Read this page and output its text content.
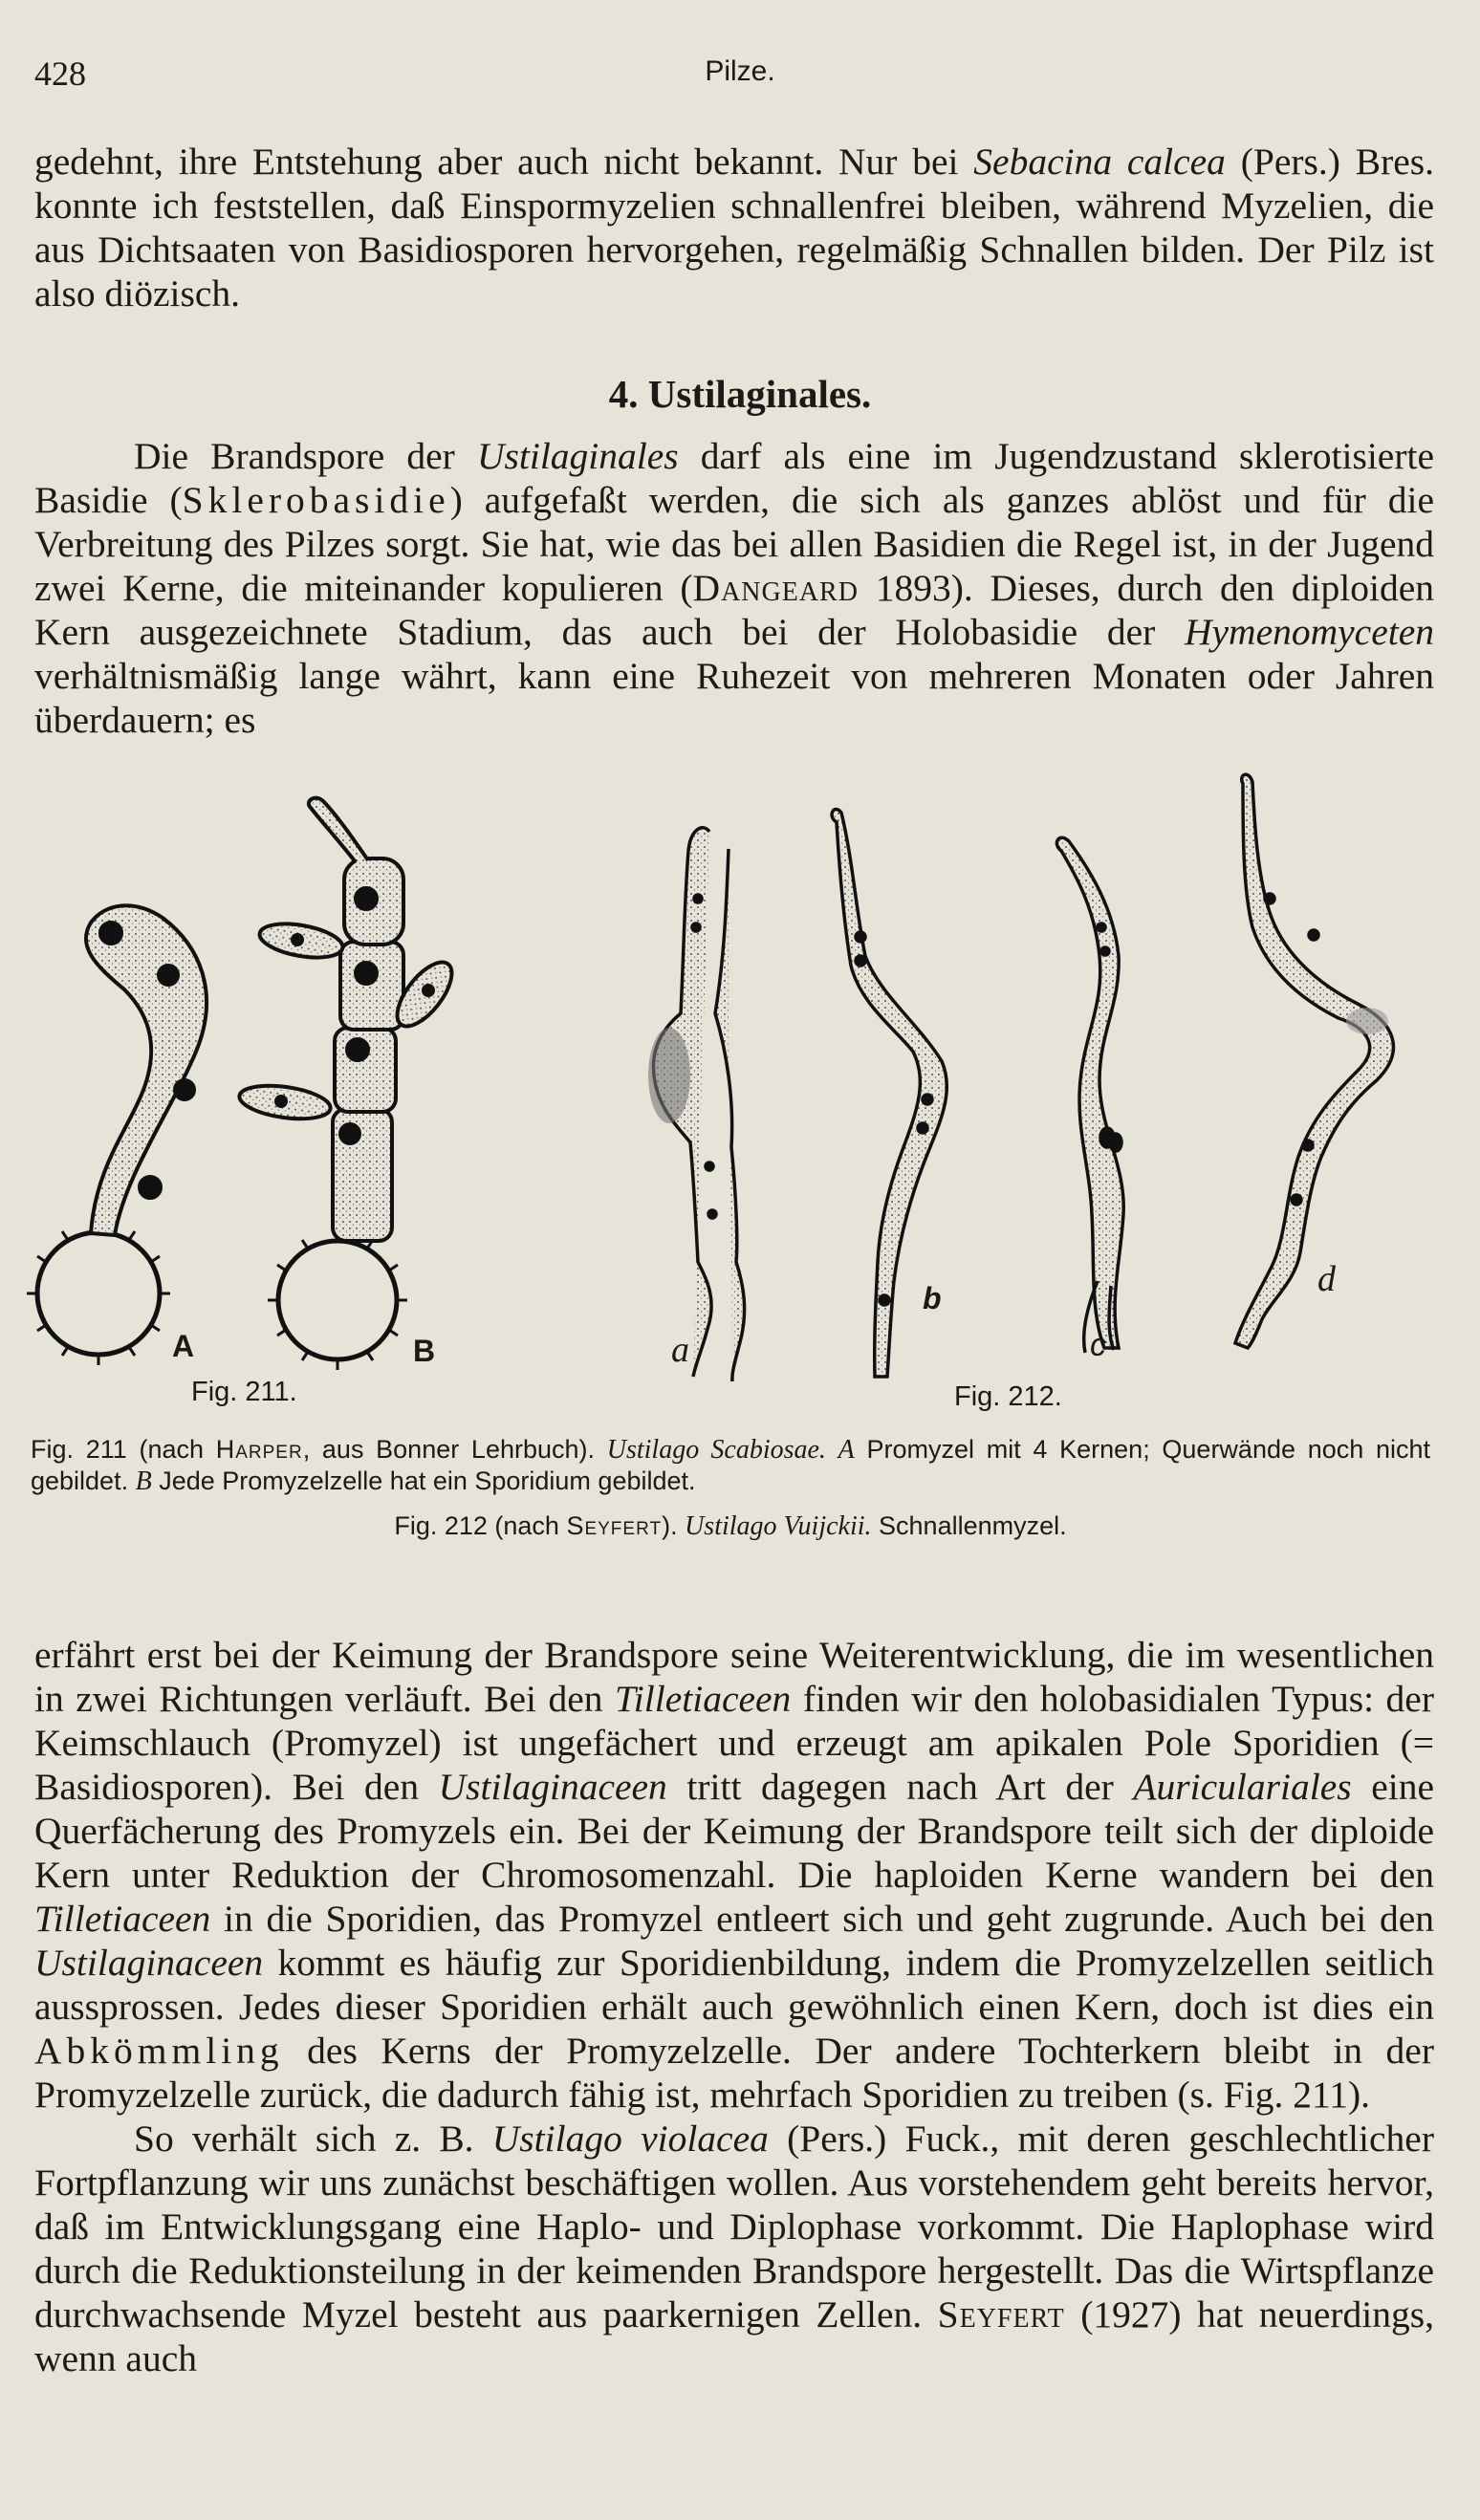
428	Pilze.

gedehnt, ihre Entstehung aber auch nicht bekannt. Nur bei Sebacina calcea (Pers.) Bres. konnte ich feststellen, daß Einspormyzelien schnallenfrei bleiben, während Myzelien, die aus Dichtsaaten von Basidiosporen hervorgehen, regelmäßig Schnallen bilden. Der Pilz ist also diözisch.

4. Ustilaginales.

Die Brandspore der Ustilaginales darf als eine im Jugendzustand sklerotisierte Basidie (Sklerobasidie) aufgefaßt werden, die sich als ganzes ablöst und für die Verbreitung des Pilzes sorgt. Sie hat, wie das bei allen Basidien die Regel ist, in der Jugend zwei Kerne, die miteinander kopulieren (Dangeard 1893). Dieses, durch den diploiden Kern ausgezeichnete Stadium, das auch bei der Holobasidie der Hymenomyceten verhältnismäßig lange währt, kann eine Ruhezeit von mehreren Monaten oder Jahren überdauern; es

A	B	a
b
c
d
Fig. 211.	Fig. 212.

Fig. 211 (nach Harper, aus Bonner Lehrbuch). Ustilago Scabiosae. A Promyzel mit 4 Kernen; Querwände noch nicht gebildet. B Jede Promyzelzelle hat ein Sporidium gebildet.

Fig. 212 (nach Seyfert). Ustilago Vuijckii. Schnallenmyzel.

erfährt erst bei der Keimung der Brandspore seine Weiterentwicklung, die im wesentlichen in zwei Richtungen verläuft. Bei den Tilletiaceen finden wir den holobasidialen Typus: der Keimschlauch (Promyzel) ist ungefächert und erzeugt am apikalen Pole Sporidien (= Basidiosporen). Bei den Ustilaginaceen tritt dagegen nach Art der Auriculariales eine Querfächerung des Promyzels ein. Bei der Keimung der Brandspore teilt sich der diploide Kern unter Reduktion der Chromosomenzahl. Die haploiden Kerne wandern bei den Tilletiaceen in die Sporidien, das Promyzel entleert sich und geht zugrunde. Auch bei den Ustilaginaceen kommt es häufig zur Sporidienbildung, indem die Promyzelzellen seitlich aussprossen. Jedes dieser Sporidien erhält auch gewöhnlich einen Kern, doch ist dies ein Abkömmling des Kerns der Promyzelzelle. Der andere Tochterkern bleibt in der Promyzelzelle zurück, die dadurch fähig ist, mehrfach Sporidien zu treiben (s. Fig. 211).

So verhält sich z. B. Ustilago violacea (Pers.) Fuck., mit deren geschlechtlicher Fortpflanzung wir uns zunächst beschäftigen wollen. Aus vorstehendem geht bereits hervor, daß im Entwicklungsgang eine Haplo- und Diplophase vorkommt. Die Haplophase wird durch die Reduktionsteilung in der keimenden Brandspore hergestellt. Das die Wirtspflanze durchwachsende Myzel besteht aus paarkernigen Zellen. Seyfert (1927) hat neuerdings, wenn auch
